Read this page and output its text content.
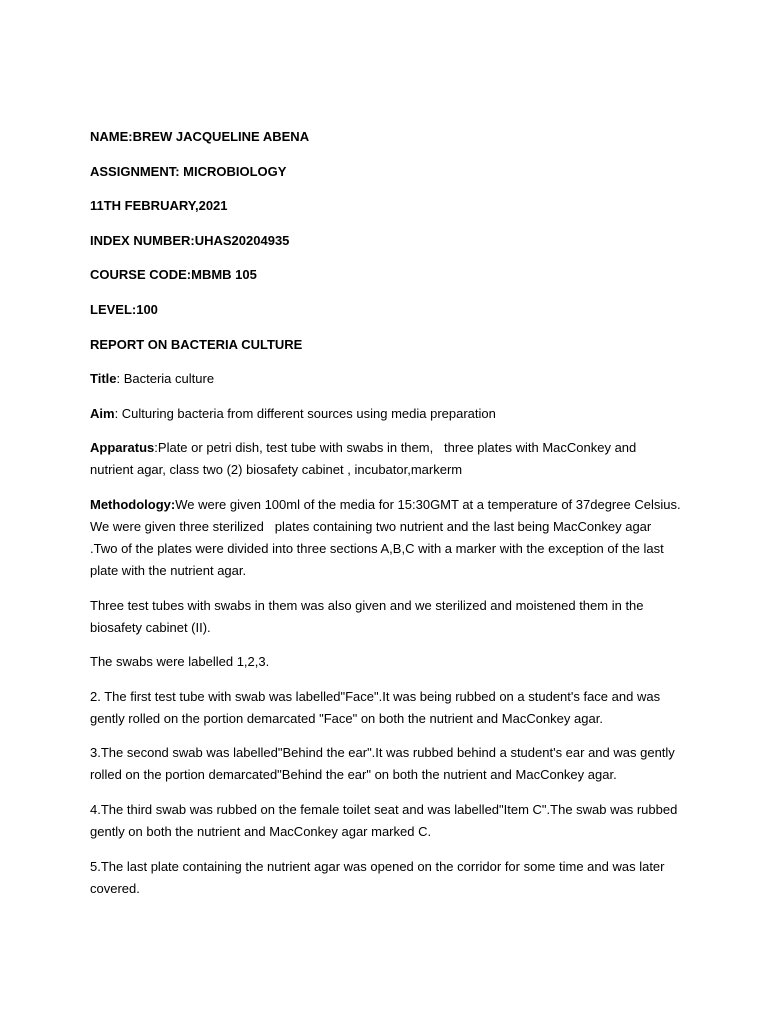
NAME:BREW JACQUELINE ABENA
ASSIGNMENT: MICROBIOLOGY
11TH FEBRUARY,2021
INDEX NUMBER:UHAS20204935
COURSE CODE:MBMB 105
LEVEL:100
REPORT ON BACTERIA CULTURE

Title: Bacteria culture

Aim: Culturing bacteria from different sources using media preparation

Apparatus:Plate or petri dish, test tube with swabs in them,   three plates with MacConkey and nutrient agar, class two (2) biosafety cabinet , incubator,markerm

Methodology:We were given 100ml of the media for 15:30GMT at a temperature of 37degree Celsius. We were given three sterilized   plates containing two nutrient and the last being MacConkey agar .Two of the plates were divided into three sections A,B,C with a marker with the exception of the last plate with the nutrient agar.

Three test tubes with swabs in them was also given and we sterilized and moistened them in the biosafety cabinet (II).

The swabs were labelled 1,2,3.

2. The first test tube with swab was labelled"Face".It was being rubbed on a student's face and was gently rolled on the portion demarcated "Face" on both the nutrient and MacConkey agar.

3.The second swab was labelled"Behind the ear".It was rubbed behind a student's ear and was gently rolled on the portion demarcated"Behind the ear" on both the nutrient and MacConkey agar.

4.The third swab was rubbed on the female toilet seat and was labelled"Item C".The swab was rubbed gently on both the nutrient and MacConkey agar marked C.

5.The last plate containing the nutrient agar was opened on the corridor for some time and was later covered.
